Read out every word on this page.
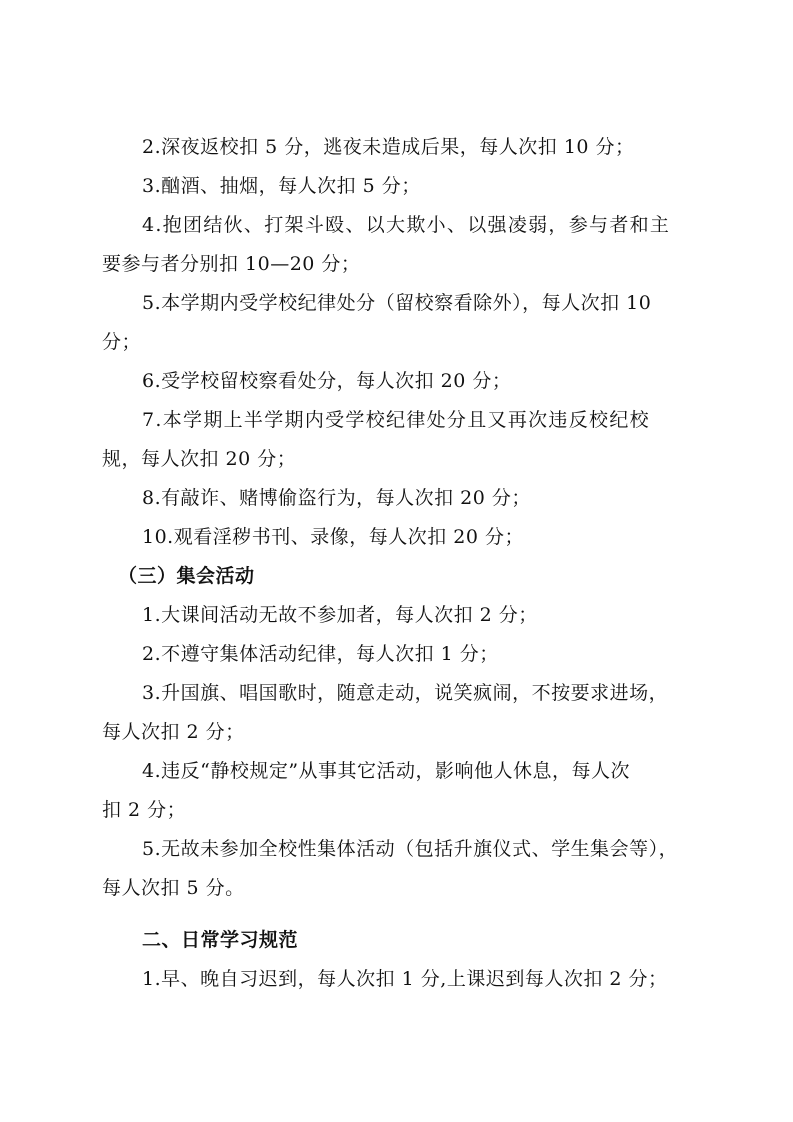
2.深夜返校扣 5 分，逃夜未造成后果，每人次扣 10 分；
3.酗酒、抽烟，每人次扣 5 分；
4.抱团结伙、打架斗殴、以大欺小、以强凌弱，参与者和主
要参与者分别扣 10—20 分；
5.本学期内受学校纪律处分（留校察看除外），每人次扣 10
分；
6.受学校留校察看处分，每人次扣 20 分；
7.本学期上半学期内受学校纪律处分且又再次违反校纪校
规，每人次扣 20 分；
8.有敲诈、赌博偷盗行为，每人次扣 20 分；
10.观看淫秽书刊、录像，每人次扣 20 分；
（三）集会活动
1.大课间活动无故不参加者，每人次扣 2 分；
2.不遵守集体活动纪律，每人次扣 1 分；
3.升国旗、唱国歌时，随意走动，说笑疯闹，不按要求进场，
每人次扣 2 分；
4.违反“静校规定”从事其它活动，影响他人休息，每人次
扣 2 分；
5.无故未参加全校性集体活动（包括升旗仪式、学生集会等），
每人次扣 5 分。
二、日常学习规范
1.早、晚自习迟到，每人次扣 1 分,上课迟到每人次扣 2 分；
